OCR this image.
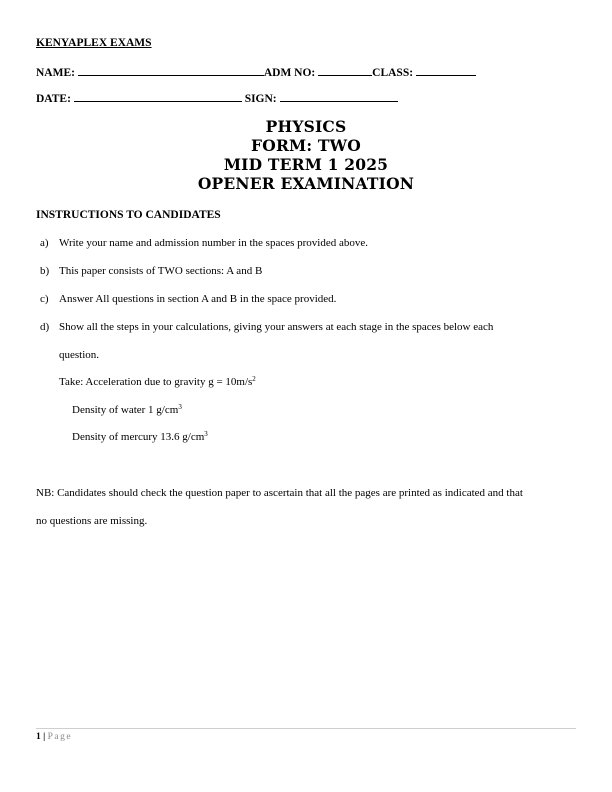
KENYAPLEX EXAMS
NAME:	ADM NO:	CLASS:
DATE:	SIGN:
PHYSICS
FORM: TWO
MID TERM 1 2025
OPENER EXAMINATION
INSTRUCTIONS TO CANDIDATES
a) Write your name and admission number in the spaces provided above.
b) This paper consists of TWO sections: A and B
c) Answer All questions in section A and B in the space provided.
d) Show all the steps in your calculations, giving your answers at each stage in the spaces below each
question.
Take: Acceleration due to gravity $g = 10m/s^2$
Density of water 1 $g/cm^3$
Density of mercury 13.6 $g/cm^3$
NB: Candidates should check the question paper to ascertain that all the pages are printed as indicated and that
no questions are missing.
1 | Page
